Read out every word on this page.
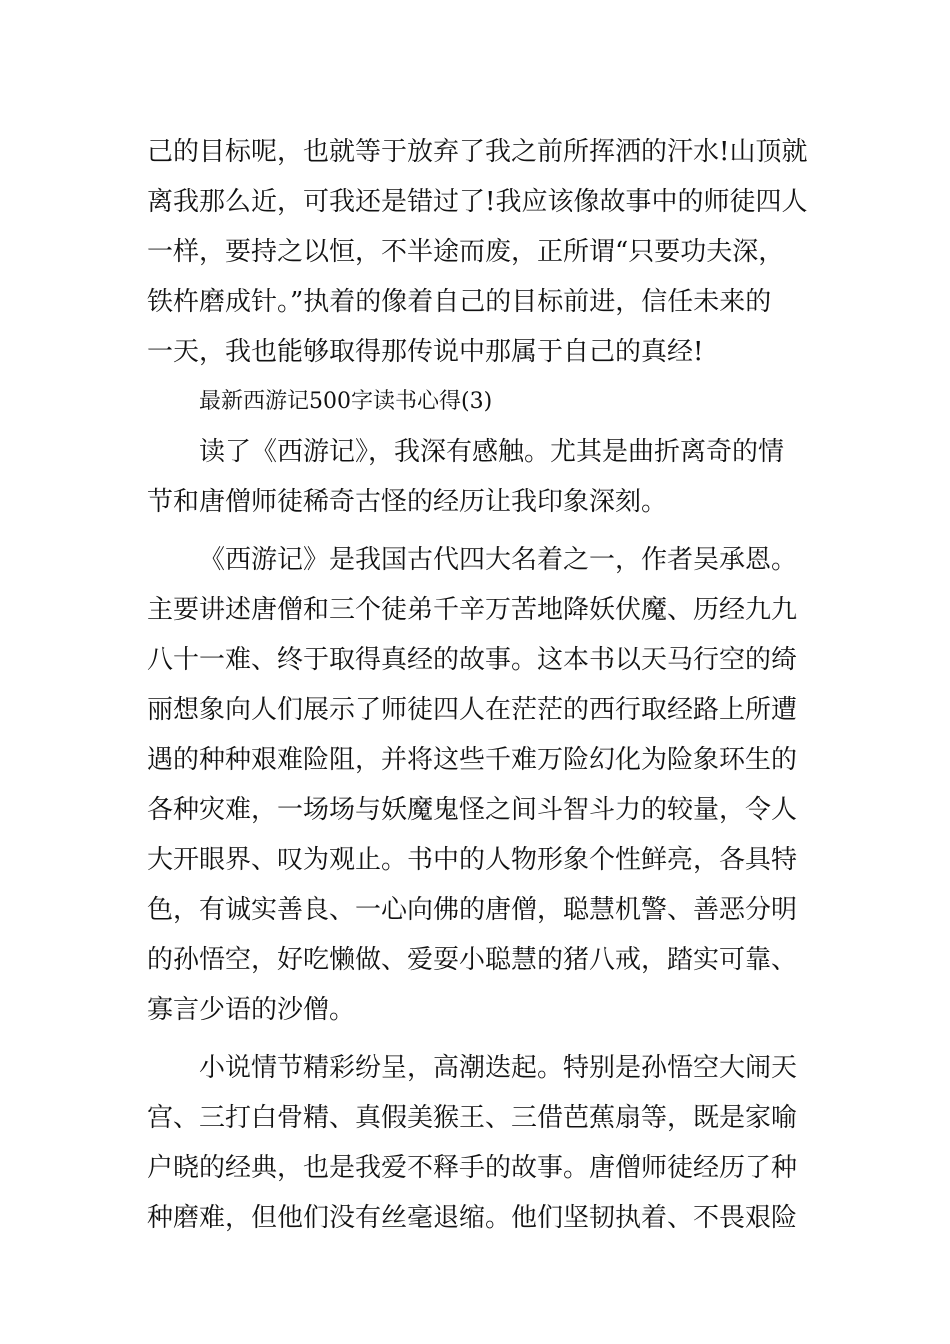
己的目标呢，也就等于放弃了我之前所挥洒的汗水!山顶就
离我那么近，可我还是错过了!我应该像故事中的师徒四人
一样，要持之以恒，不半途而废，正所谓“只要功夫深，
铁杵磨成针。”执着的像着自己的目标前进，信任未来的
一天，我也能够取得那传说中那属于自己的真经!
最新西游记500字读书心得(3)
读了《西游记》，我深有感触。尤其是曲折离奇的情
节和唐僧师徒稀奇古怪的经历让我印象深刻。
《西游记》是我国古代四大名着之一，作者吴承恩。
主要讲述唐僧和三个徒弟千辛万苦地降妖伏魔、历经九九
八十一难、终于取得真经的故事。这本书以天马行空的绮
丽想象向人们展示了师徒四人在茫茫的西行取经路上所遭
遇的种种艰难险阻，并将这些千难万险幻化为险象环生的
各种灾难，一场场与妖魔鬼怪之间斗智斗力的较量，令人
大开眼界、叹为观止。书中的人物形象个性鲜亮，各具特
色，有诚实善良、一心向佛的唐僧，聪慧机警、善恶分明
的孙悟空，好吃懒做、爱耍小聪慧的猪八戒，踏实可靠、
寡言少语的沙僧。
小说情节精彩纷呈，高潮迭起。特别是孙悟空大闹天
宫、三打白骨精、真假美猴王、三借芭蕉扇等，既是家喻
户晓的经典，也是我爱不释手的故事。唐僧师徒经历了种
种磨难，但他们没有丝毫退缩。他们坚韧执着、不畏艰险
